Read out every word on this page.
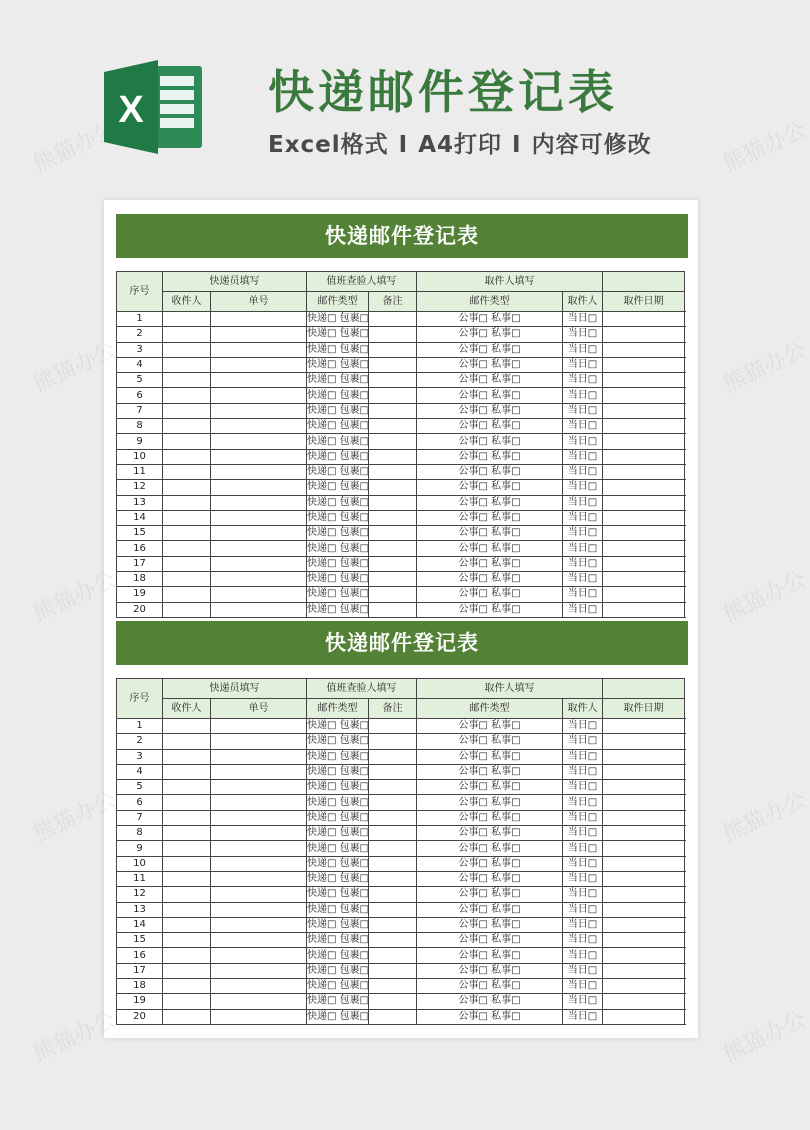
X	快递邮件登记表
Excel格式 I A4打印 I 内容可修改
快递邮件登记表
序号	快递员填写		值班查验人填写		取件人填写		
	收件人	单号	邮件类型	备注	邮件类型	取件人	取件日期
1			快递□ 包裹□		公事□ 私事□	当日□	
2			快递□ 包裹□		公事□ 私事□	当日□	
3			快递□ 包裹□		公事□ 私事□	当日□	
4			快递□ 包裹□		公事□ 私事□	当日□	
5			快递□ 包裹□		公事□ 私事□	当日□	
6			快递□ 包裹□		公事□ 私事□	当日□	
7			快递□ 包裹□		公事□ 私事□	当日□	
8			快递□ 包裹□		公事□ 私事□	当日□	
9			快递□ 包裹□		公事□ 私事□	当日□	
10			快递□ 包裹□		公事□ 私事□	当日□	
11			快递□ 包裹□		公事□ 私事□	当日□	
12			快递□ 包裹□		公事□ 私事□	当日□	
13			快递□ 包裹□		公事□ 私事□	当日□	
14			快递□ 包裹□		公事□ 私事□	当日□	
15			快递□ 包裹□		公事□ 私事□	当日□	
16			快递□ 包裹□		公事□ 私事□	当日□	
17			快递□ 包裹□		公事□ 私事□	当日□	
18			快递□ 包裹□		公事□ 私事□	当日□	
19			快递□ 包裹□		公事□ 私事□	当日□	
20			快递□ 包裹□		公事□ 私事□	当日□	
快递邮件登记表
序号	快递员填写		值班查验人填写		取件人填写		
	收件人	单号	邮件类型	备注	邮件类型	取件人	取件日期
1			快递□ 包裹□		公事□ 私事□	当日□	
2			快递□ 包裹□		公事□ 私事□	当日□	
3			快递□ 包裹□		公事□ 私事□	当日□	
4			快递□ 包裹□		公事□ 私事□	当日□	
5			快递□ 包裹□		公事□ 私事□	当日□	
6			快递□ 包裹□		公事□ 私事□	当日□	
7			快递□ 包裹□		公事□ 私事□	当日□	
8			快递□ 包裹□		公事□ 私事□	当日□	
9			快递□ 包裹□		公事□ 私事□	当日□	
10			快递□ 包裹□		公事□ 私事□	当日□	
11			快递□ 包裹□		公事□ 私事□	当日□	
12			快递□ 包裹□		公事□ 私事□	当日□	
13			快递□ 包裹□		公事□ 私事□	当日□	
14			快递□ 包裹□		公事□ 私事□	当日□	
15			快递□ 包裹□		公事□ 私事□	当日□	
16			快递□ 包裹□		公事□ 私事□	当日□	
17			快递□ 包裹□		公事□ 私事□	当日□	
18			快递□ 包裹□		公事□ 私事□	当日□	
19			快递□ 包裹□		公事□ 私事□	当日□	
20			快递□ 包裹□		公事□ 私事□	当日□	
熊猫办公	熊猫办公
熊猫办公	熊猫办公
熊猫办公	熊猫办公
熊猫办公	熊猫办公
熊猫办公	熊猫办公
